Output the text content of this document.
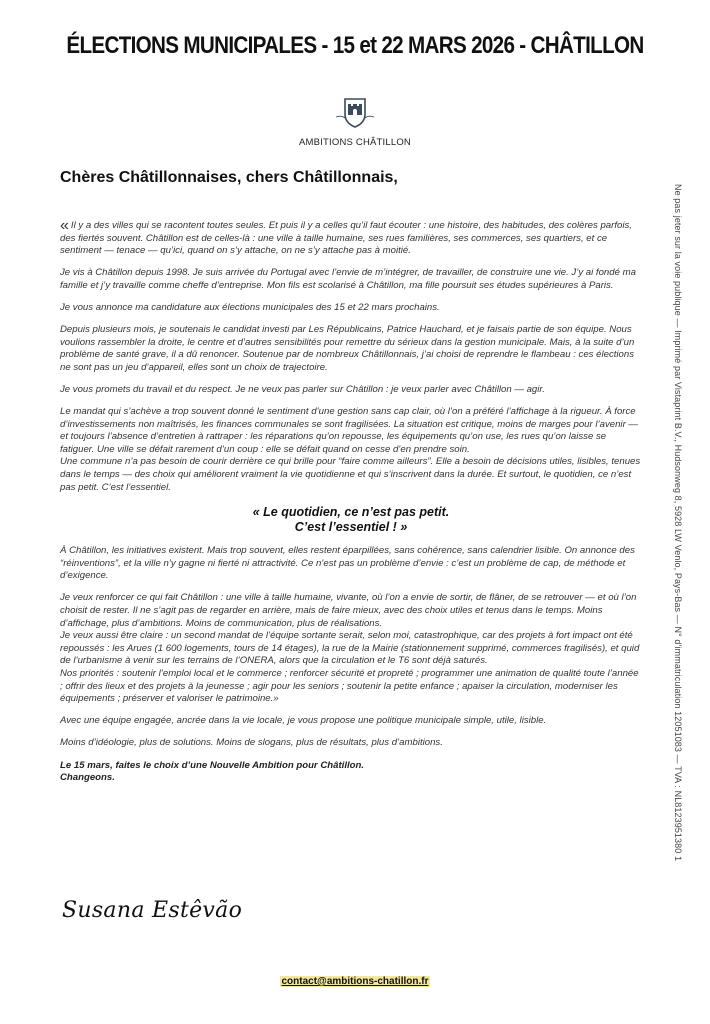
ÉLECTIONS MUNICIPALES - 15 et 22 MARS 2026 - CHÂTILLON
AMBITIONS CHÂTILLON
Chères Châtillonnaises, chers Châtillonnais,

« Il y a des villes qui se racontent toutes seules. Et puis il y a celles qu’il faut écouter : une histoire, des habitudes, des colères parfois, des fiertés souvent. Châtillon est de celles-là : une ville à taille humaine, ses rues familières, ses commerces, ses quartiers, et ce sentiment — tenace — qu’ici, quand on s’y attache, on ne s’y attache pas à moitié.

Je vis à Châtillon depuis 1998. Je suis arrivée du Portugal avec l’envie de m’intégrer, de travailler, de construire une vie. J’y ai fondé ma famille et j’y travaille comme cheffe d’entreprise. Mon fils est scolarisé à Châtillon, ma fille poursuit ses études supérieures à Paris.

Je vous annonce ma candidature aux élections municipales des 15 et 22 mars prochains.

Depuis plusieurs mois, je soutenais le candidat investi par Les Républicains, Patrice Hauchard, et je faisais partie de son équipe. Nous voulions rassembler la droite, le centre et d’autres sensibilités pour remettre du sérieux dans la gestion municipale. Mais, à la suite d’un problème de santé grave, il a dû renoncer. Soutenue par de nombreux Châtillonnais, j’ai choisi de reprendre le flambeau : ces élections ne sont pas un jeu d’appareil, elles sont un choix de trajectoire.

Je vous promets du travail et du respect. Je ne veux pas parler sur Châtillon : je veux parler avec Châtillon — agir.

Le mandat qui s’achève a trop souvent donné le sentiment d’une gestion sans cap clair, où l’on a préféré l’affichage à la rigueur. À force d’investissements non maîtrisés, les finances communales se sont fragilisées. La situation est critique, moins de marges pour l’avenir — et toujours l’absence d’entretien à rattraper : les réparations qu’on repousse, les équipements qu’on use, les rues qu’on laisse se fatiguer. Une ville se défait rarement d’un coup : elle se défait quand on cesse d’en prendre soin.

Une commune n’a pas besoin de courir derrière ce qui brille pour “faire comme ailleurs”. Elle a besoin de décisions utiles, lisibles, tenues dans le temps — des choix qui améliorent vraiment la vie quotidienne et qui s’inscrivent dans la durée. Et surtout, le quotidien, ce n’est pas petit. C’est l’essentiel.

« Le quotidien, ce n’est pas petit.
C’est l’essentiel ! »

À Châtillon, les initiatives existent. Mais trop souvent, elles restent éparpillées, sans cohérence, sans calendrier lisible. On annonce des “réinventions”, et la ville n’y gagne ni fierté ni attractivité. Ce n’est pas un problème d’envie : c’est un problème de cap, de méthode et d’exigence.

Je veux renforcer ce qui fait Châtillon : une ville à taille humaine, vivante, où l’on a envie de sortir, de flâner, de se retrouver — et où l’on choisit de rester. Il ne s’agit pas de regarder en arrière, mais de faire mieux, avec des choix utiles et tenus dans le temps. Moins d’affichage, plus d’ambitions. Moins de communication, plus de réalisations.

Je veux aussi être claire : un second mandat de l’équipe sortante serait, selon moi, catastrophique, car des projets à fort impact ont été repoussés : les Arues (1 600 logements, tours de 14 étages), la rue de la Mairie (stationnement supprimé, commerces fragilisés), et quid de l’urbanisme à venir sur les terrains de l’ONERA, alors que la circulation et le T6 sont déjà saturés.

Nos priorités : soutenir l’emploi local et le commerce ; renforcer sécurité et propreté ; programmer une animation de qualité toute l’année ; offrir des lieux et des projets à la jeunesse ; agir pour les seniors ; soutenir la petite enfance ; apaiser la circulation, moderniser les équipements ; préserver et valoriser le patrimoine.»

Avec une équipe engagée, ancrée dans la vie locale, je vous propose une politique municipale simple, utile, lisible.

Moins d’idéologie, plus de solutions. Moins de slogans, plus de résultats, plus d’ambitions.

Le 15 mars, faites le choix d’une Nouvelle Ambition pour Châtillon.
Changeons.
Susana Estêvão
contact@ambitions-chatillon.fr
Ne pas jeter sur la voie publique — Imprimé par Vistaprint B.V., Hudsonweg 8, 5928 LW Venlo, Pays-Bas — N° d’immatriculation 12051083 — TVA : NL8123951380 1
